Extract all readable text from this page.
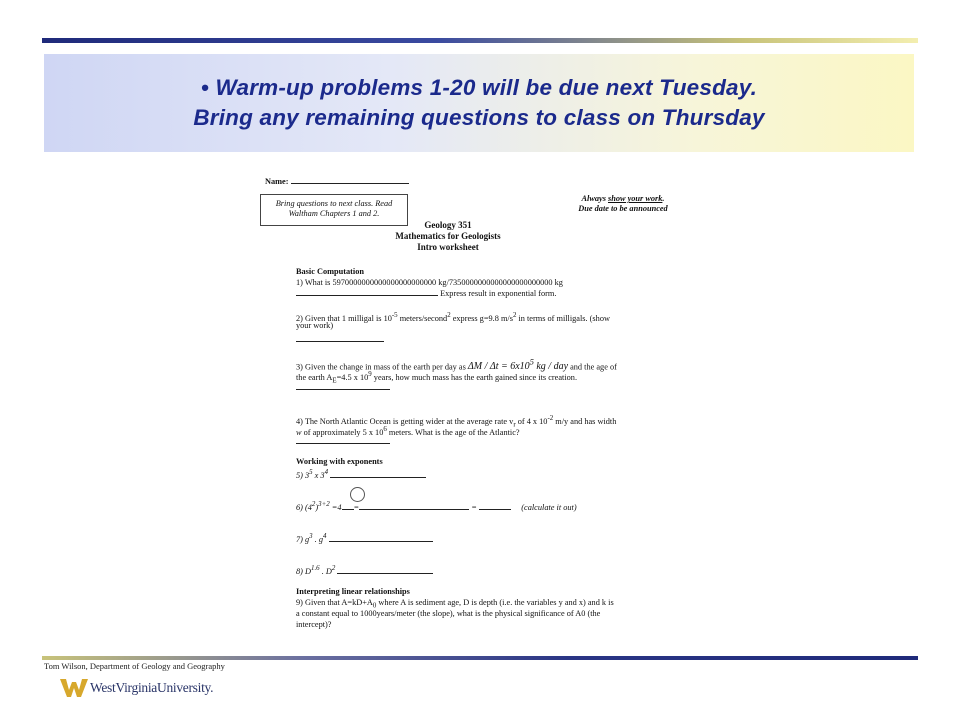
• Warm-up problems 1-20 will be due next Tuesday.
Bring any remaining questions to class on Thursday
Name:
Bring questions to next class. Read
Waltham Chapters 1 and 2.
Always show your work.
Due date to be announced
Geology 351
Mathematics for Geologists
Intro worksheet
Basic Computation
1) What is 5970000000000000000000000 kg/7350000000000000000000000 kg
Express result in exponential form.
2) Given that 1 milligal is $10^{-5}$ meters/second$^2$ express g=9.8 $m/s^2$ in terms of milligals. (show
your work)
3) Given the change in mass of the earth per day as $\Delta M / \Delta t = 6x10^5$ kg / day and the age of
the earth $A_E=4.5$ x $10^9$ years, how much mass has the earth gained since its creation.
4) The North Atlantic Ocean is getting wider at the average rate $v_r$ of 4 x $10^{-2}$ m/y and has width
w of approximately 5 x $10^6$ meters. What is the age of the Atlantic?
Working with exponents
5) $3^5$ x $3^4$
6) $(4^2)^{3+2} =4$ =	=	(calculate it out)
7) $g^3$ . $g^4$
8) $D^{1.6}$ . $D^2$
Interpreting linear relationships
9) Given that $A=kD+A_0$ where A is sediment age, D is depth (i.e. the variables y and x) and k is
a constant equal to 1000years/meter (the slope), what is the physical significance of A0 (the
intercept)?
Tom Wilson, Department of Geology and Geography
WestVirginiaUniversity.
